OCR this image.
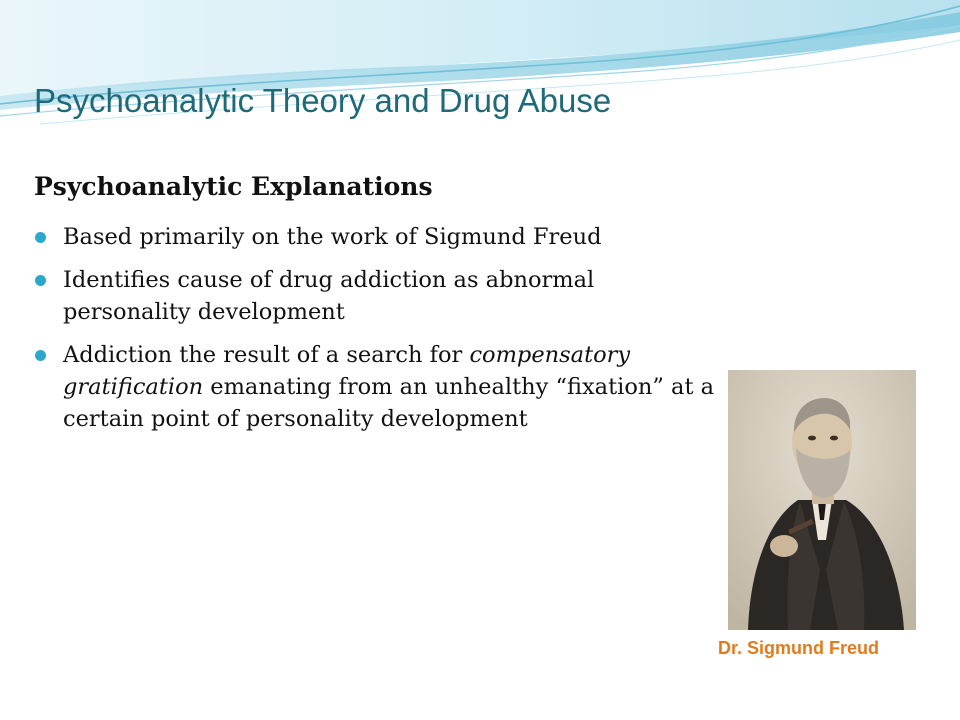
Psychoanalytic Theory and Drug Abuse
Psychoanalytic Explanations
Based primarily on the work of Sigmund Freud
Identifies cause of drug addiction as abnormal personality development
Addiction the result of a search for compensatory gratification emanating from an unhealthy “fixation” at a certain point of personality development
Dr. Sigmund Freud
